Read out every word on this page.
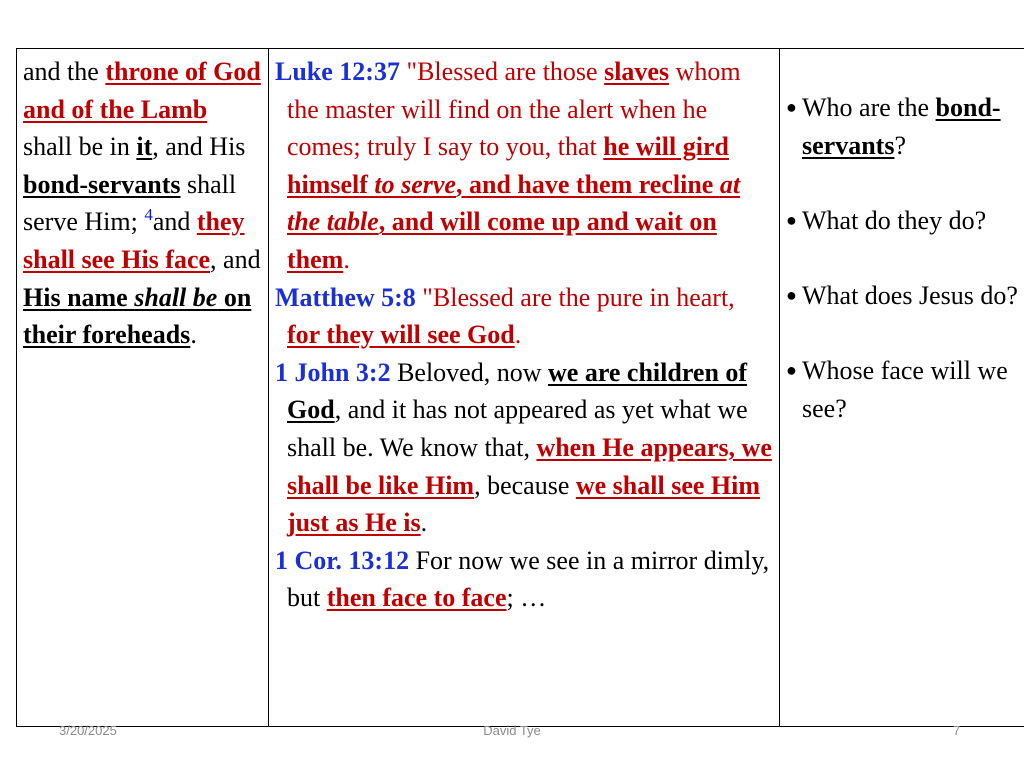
and the throne of God and of the Lamb shall be in it, and His bond-servants shall serve Him; $^4$and they shall see His face, and His name shall be on their foreheads.	
Luke 12:37 "Blessed are those slaves whom the master will find on the alert when he comes; truly I say to you, that he will gird himself to serve, and have them recline at the table, and will come up and wait on them.
Matthew 5:8 "Blessed are the pure in heart, for they will see God.
1 John 3:2 Beloved, now we are children of God, and it has not appeared as yet what we shall be. We know that, when He appears, we shall be like Him, because we shall see Him just as He is.
1 Cor. 13:12 For now we see in a mirror dimly, but then face to face; …

● Who are the bond-servants?
● What do they do?
● What does Jesus do?
● Whose face will we see?
3/20/2025	David Tye	7
